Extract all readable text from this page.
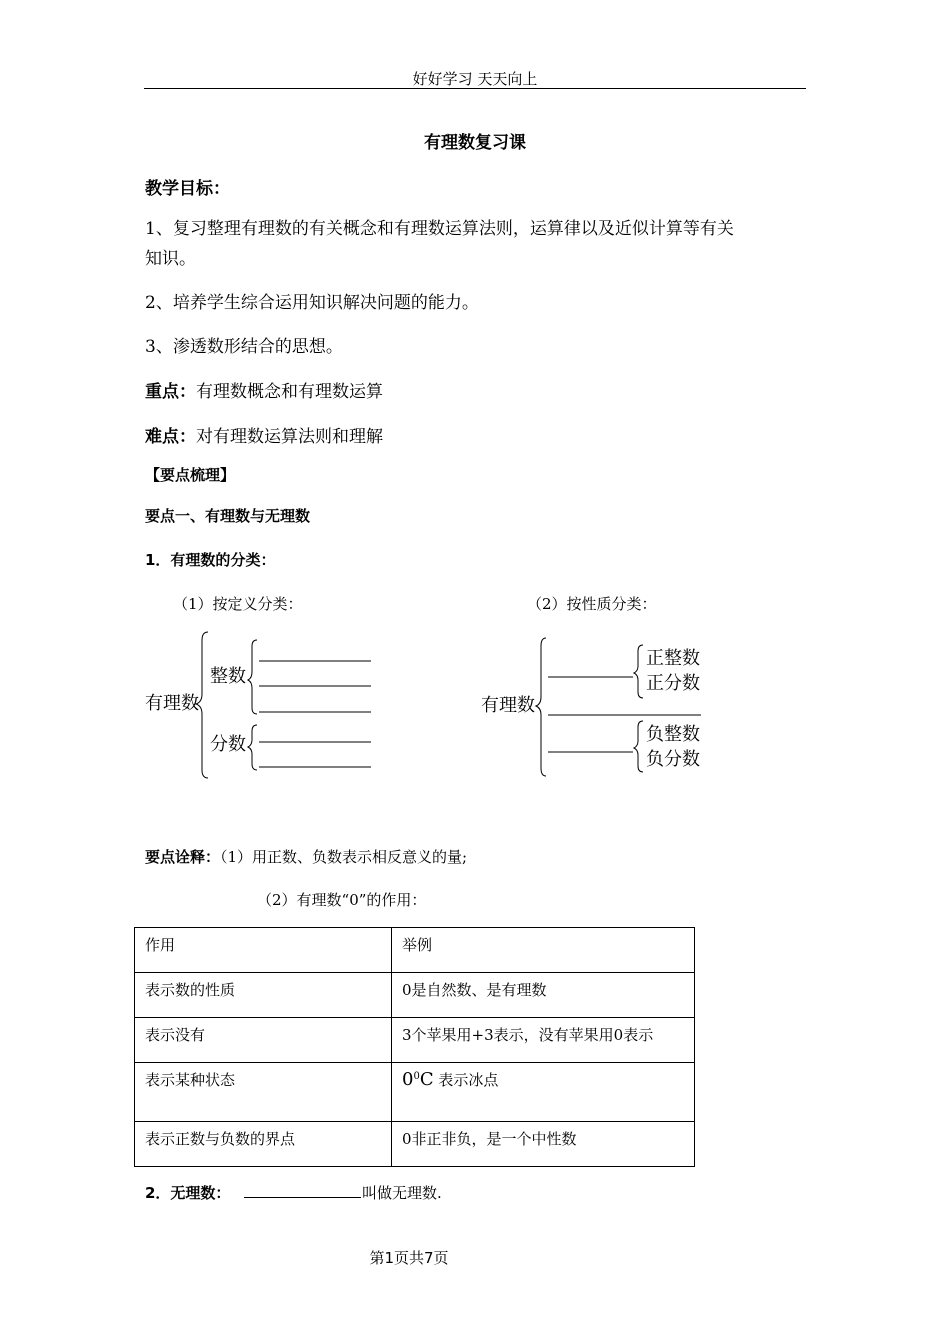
好好学习 天天向上
有理数复习课
教学目标：
1、复习整理有理数的有关概念和有理数运算法则，运算律以及近似计算等有关
知识。
2、培养学生综合运用知识解决问题的能力。
3、渗透数形结合的思想。
重点：有理数概念和有理数运算
难点：对有理数运算法则和理解
【要点梳理】
要点一、有理数与无理数
1．有理数的分类：
（1）按定义分类：	（2）按性质分类：
有理数
整数
分数
有理数
正整数
正分数
负整数
负分数
要点诠释：（1）用正数、负数表示相反意义的量;
（2）有理数“0”的作用：
作用	举例
表示数的性质	0是自然数、是有理数
表示没有	3个苹果用+3表示，没有苹果用0表示
表示某种状态	$0^0C$ 表示冰点
表示正数与负数的界点	0非正非负，是一个中性数
2．无理数：	叫做无理数.
第1页共7页
